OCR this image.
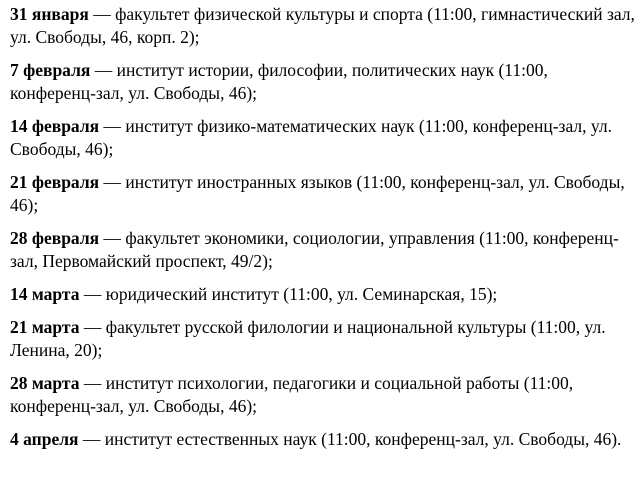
31 января — факультет физической культуры и спорта (11:00, гимнастический зал, ул. Свободы, 46, корп. 2);
7 февраля — институт истории, философии, политических наук (11:00, конференц-зал, ул. Свободы, 46);
14 февраля — институт физико-математических наук (11:00, конференц-зал, ул. Свободы, 46);
21 февраля — институт иностранных языков (11:00, конференц-зал, ул. Свободы, 46);
28 февраля — факультет экономики, социологии, управления (11:00, конференц-зал, Первомайский проспект, 49/2);
14 марта — юридический институт (11:00, ул. Семинарская, 15);
21 марта — факультет русской филологии и национальной культуры (11:00, ул. Ленина, 20);
28 марта — институт психологии, педагогики и социальной работы (11:00, конференц-зал, ул. Свободы, 46);
4 апреля — институт естественных наук (11:00, конференц-зал, ул. Свободы, 46).
